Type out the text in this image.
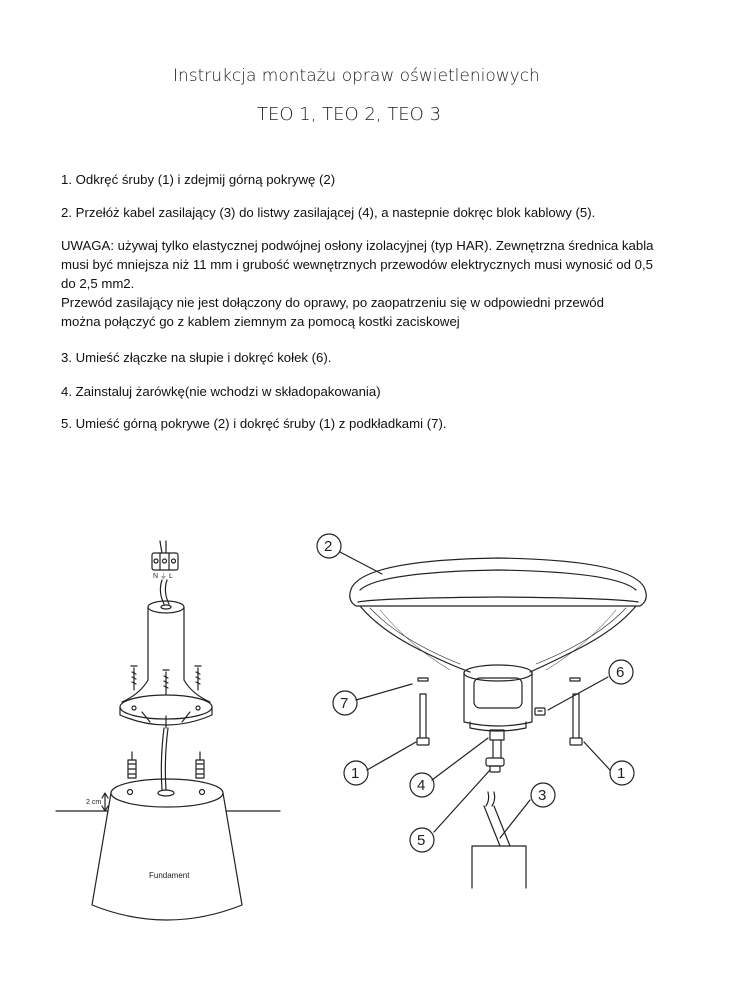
Instrukcja montażu opraw oświetleniowych
TEO 1, TEO 2, TEO 3
1. Odkręć śruby (1) i zdejmij górną pokrywę (2)
2. Przełóż kabel zasilający (3) do listwy zasilającej (4), a nastepnie dokręc blok kablowy (5).
UWAGA: używaj tylko elastycznej podwójnej osłony izolacyjnej (typ HAR). Zewnętrzna średnica kabla
musi być mniejsza niż 11 mm i grubość wewnętrznych przewodów elektrycznych musi wynosić od 0,5
do 2,5 mm2.
Przewód zasilający nie jest dołączony do oprawy, po zaopatrzeniu się w odpowiedni przewód
można połączyć go z kablem ziemnym za pomocą kostki zaciskowej
3. Umieść złączke na słupie i dokręć kołek (6).
4. Zainstaluj żarówkę(nie wchodzi w składopakowania)
5. Umieść górną pokrywe (2) i dokręć śruby (1) z podkładkami (7).
N ⏚ L
2 cm
Fundament
2
7
6
1	1
4
3
5
